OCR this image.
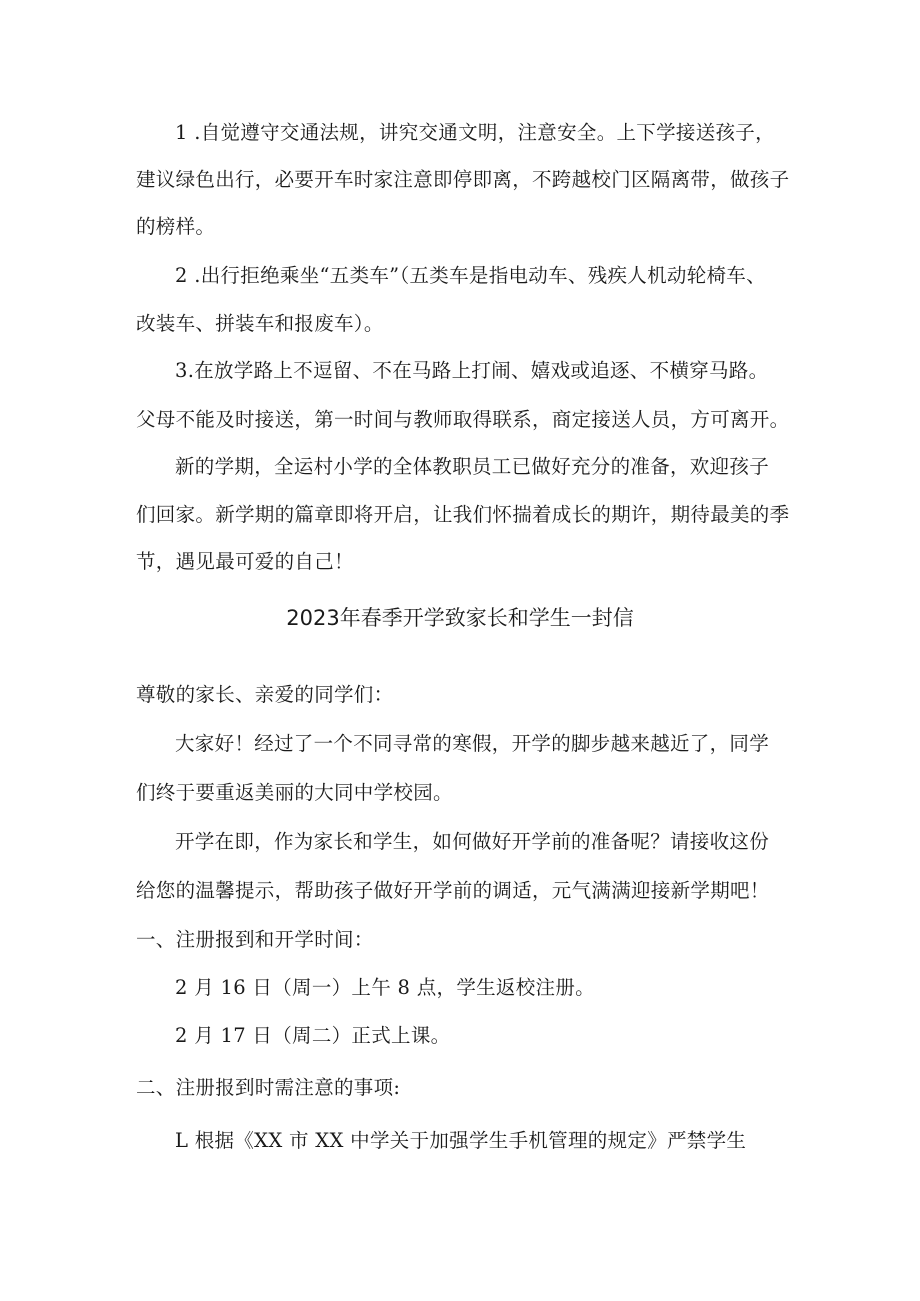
1 .自觉遵守交通法规，讲究交通文明，注意安全。上下学接送孩子，
建议绿色出行，必要开车时家注意即停即离，不跨越校门区隔离带，做孩子
的榜样。
2 .出行拒绝乘坐“五类车”（五类车是指电动车、残疾人机动轮椅车、
改装车、拼装车和报废车）。
3.在放学路上不逗留、不在马路上打闹、嬉戏或追逐、不横穿马路。
父母不能及时接送，第一时间与教师取得联系，商定接送人员，方可离开。
新的学期，全运村小学的全体教职员工已做好充分的准备，欢迎孩子
们回家。新学期的篇章即将开启，让我们怀揣着成长的期许，期待最美的季
节，遇见最可爱的自己！
2023年春季开学致家长和学生一封信
尊敬的家长、亲爱的同学们：
大家好！经过了一个不同寻常的寒假，开学的脚步越来越近了，同学
们终于要重返美丽的大同中学校园。
开学在即，作为家长和学生，如何做好开学前的准备呢？请接收这份
给您的温馨提示，帮助孩子做好开学前的调适，元气满满迎接新学期吧！
一、注册报到和开学时间：
2 月 16 日（周一）上午 8 点，学生返校注册。
2 月 17 日（周二）正式上课。
二、注册报到时需注意的事项:
L 根据《XX 市 XX 中学关于加强学生手机管理的规定》严禁学生
